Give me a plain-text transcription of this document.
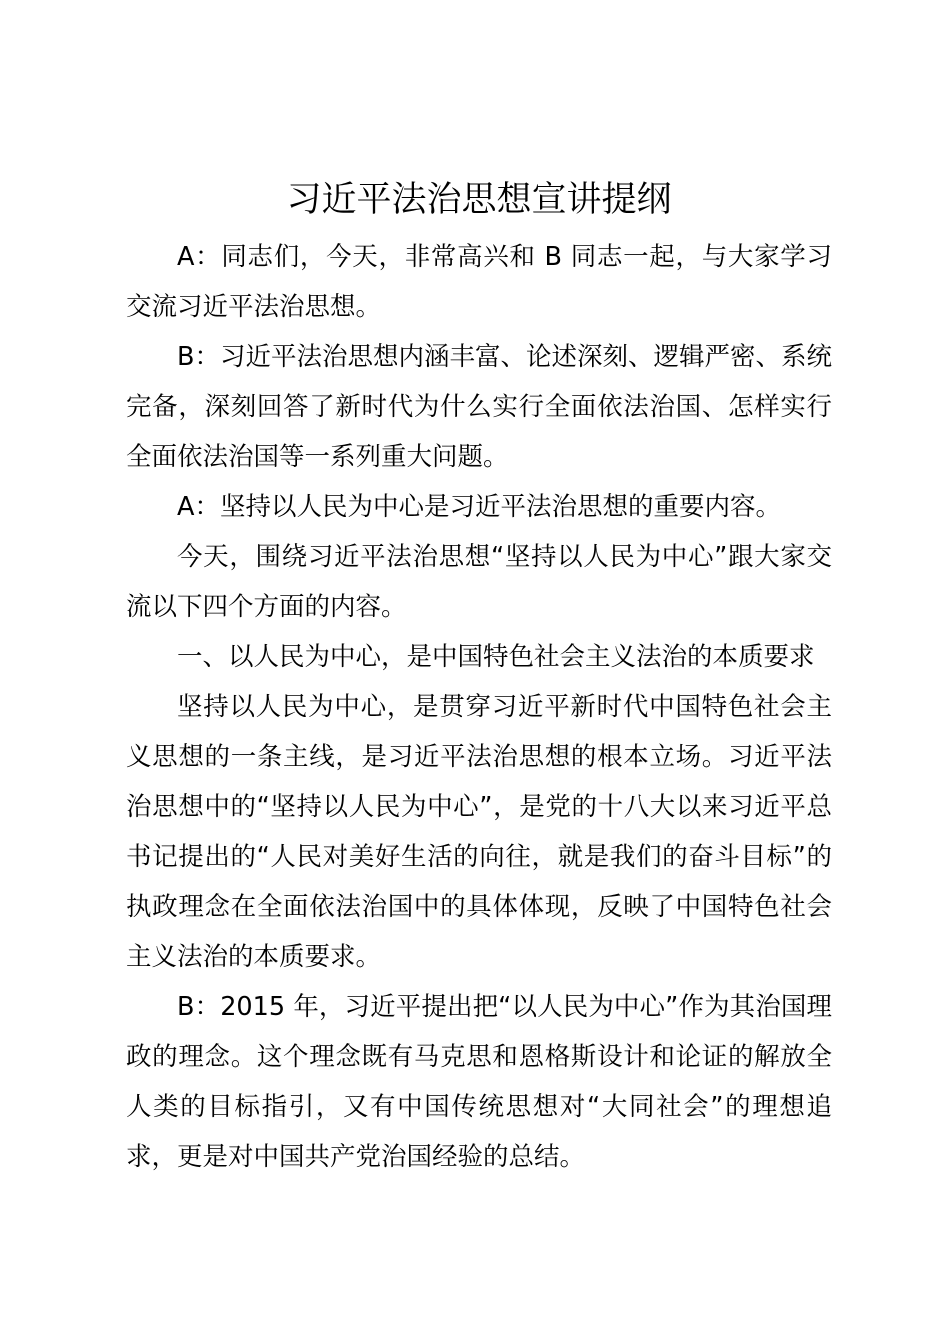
习近平法治思想宣讲提纲

A：同志们，今天，非常高兴和 B 同志一起，与大家学习交流习近平法治思想。

B：习近平法治思想内涵丰富、论述深刻、逻辑严密、系统完备，深刻回答了新时代为什么实行全面依法治国、怎样实行全面依法治国等一系列重大问题。

A：坚持以人民为中心是习近平法治思想的重要内容。

今天，围绕习近平法治思想“坚持以人民为中心”跟大家交流以下四个方面的内容。

一、以人民为中心，是中国特色社会主义法治的本质要求

坚持以人民为中心，是贯穿习近平新时代中国特色社会主义思想的一条主线，是习近平法治思想的根本立场。习近平法治思想中的“坚持以人民为中心”，是党的十八大以来习近平总书记提出的“人民对美好生活的向往，就是我们的奋斗目标”的执政理念在全面依法治国中的具体体现，反映了中国特色社会主义法治的本质要求。

B：2015 年，习近平提出把“以人民为中心”作为其治国理政的理念。这个理念既有马克思和恩格斯设计和论证的解放全人类的目标指引，又有中国传统思想对“大同社会”的理想追求，更是对中国共产党治国经验的总结。
